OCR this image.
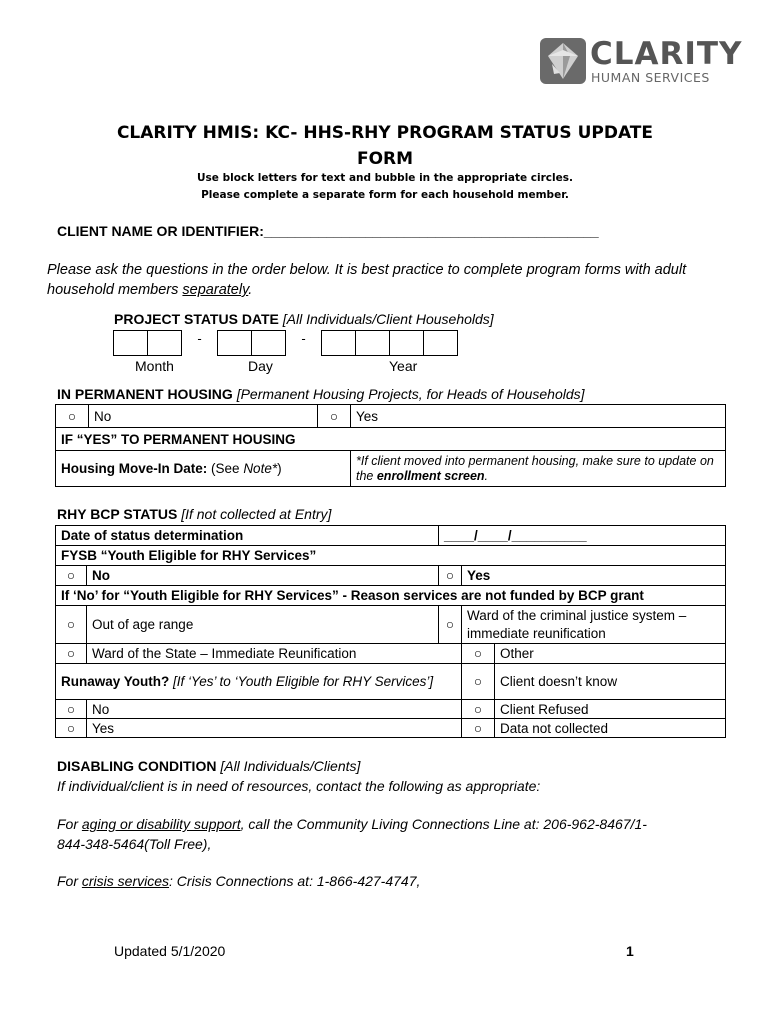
CLARITY
HUMAN SERVICES
CLARITY HMIS: KC- HHS-RHY PROGRAM STATUS UPDATE
FORM
Use block letters for text and bubble in the appropriate circles.
Please complete a separate form for each household member.
CLIENT NAME OR IDENTIFIER:___________________________________________
Please ask the questions in the order below. It is best practice to complete program forms with adult household members separately.
PROJECT STATUS DATE [All Individuals/Client Households]
-	-
Month	Day	Year
IN PERMANENT HOUSING [Permanent Housing Projects, for Heads of Households]
○	No	○	Yes
IF “YES” TO PERMANENT HOUSING			
Housing Move-In Date: (See Note*)			*If client moved into permanent housing, make sure to update on the enrollment screen.
RHY BCP STATUS [If not collected at Entry]
Date of status determination		____/____/__________		
FYSB “Youth Eligible for RHY Services”				
○	No	○	Yes	
If ‘No’ for “Youth Eligible for RHY Services” - Reason services are not funded by BCP grant				
○	Out of age range	○	Ward of the criminal justice system – immediate reunification	
○	Ward of the State – Immediate Reunification		○	Other
Runaway Youth? [If ‘Yes’ to ‘Youth Eligible for RHY Services’]			○	Client doesn’t know
○	No		○	Client Refused
○	Yes		○	Data not collected
DISABLING CONDITION [All Individuals/Clients]
If individual/client is in need of resources, contact the following as appropriate:
For aging or disability support, call the Community Living Connections Line at: 206-962-8467/1-844-348-5464(Toll Free),
For crisis services: Crisis Connections at: 1-866-427-4747,
Updated 5/1/2020	1
